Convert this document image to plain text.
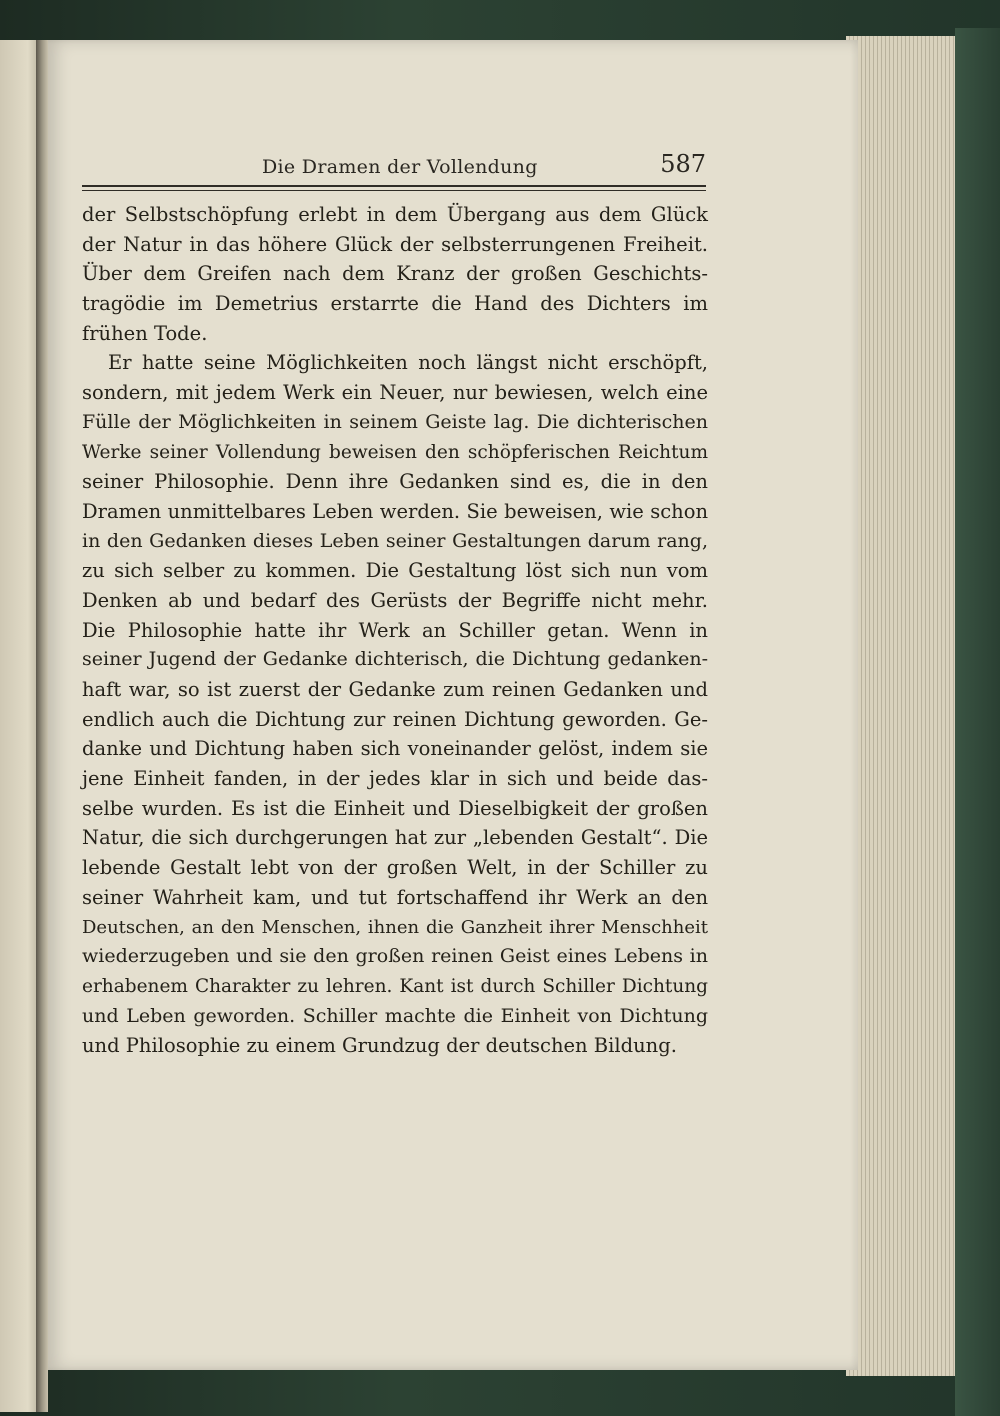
Die Dramen der Vollendung	587
der Selbstschöpfung erlebt in dem Übergang aus dem Glück
der Natur in das höhere Glück der selbsterrungenen Freiheit.
Über dem Greifen nach dem Kranz der großen Geschichts-
tragödie im Demetrius erstarrte die Hand des Dichters im
frühen Tode.
Er hatte seine Möglichkeiten noch längst nicht erschöpft,
sondern, mit jedem Werk ein Neuer, nur bewiesen, welch eine
Fülle der Möglichkeiten in seinem Geiste lag. Die dichterischen
Werke seiner Vollendung beweisen den schöpferischen Reichtum
seiner Philosophie. Denn ihre Gedanken sind es, die in den
Dramen unmittelbares Leben werden. Sie beweisen, wie schon
in den Gedanken dieses Leben seiner Gestaltungen darum rang,
zu sich selber zu kommen. Die Gestaltung löst sich nun vom
Denken ab und bedarf des Gerüsts der Begriffe nicht mehr.
Die Philosophie hatte ihr Werk an Schiller getan. Wenn in
seiner Jugend der Gedanke dichterisch, die Dichtung gedanken-
haft war, so ist zuerst der Gedanke zum reinen Gedanken und
endlich auch die Dichtung zur reinen Dichtung geworden. Ge-
danke und Dichtung haben sich voneinander gelöst, indem sie
jene Einheit fanden, in der jedes klar in sich und beide das-
selbe wurden. Es ist die Einheit und Dieselbigkeit der großen
Natur, die sich durchgerungen hat zur „lebenden Gestalt“. Die
lebende Gestalt lebt von der großen Welt, in der Schiller zu
seiner Wahrheit kam, und tut fortschaffend ihr Werk an den
Deutschen, an den Menschen, ihnen die Ganzheit ihrer Menschheit
wiederzugeben und sie den großen reinen Geist eines Lebens in
erhabenem Charakter zu lehren. Kant ist durch Schiller Dichtung
und Leben geworden. Schiller machte die Einheit von Dichtung
und Philosophie zu einem Grundzug der deutschen Bildung.
